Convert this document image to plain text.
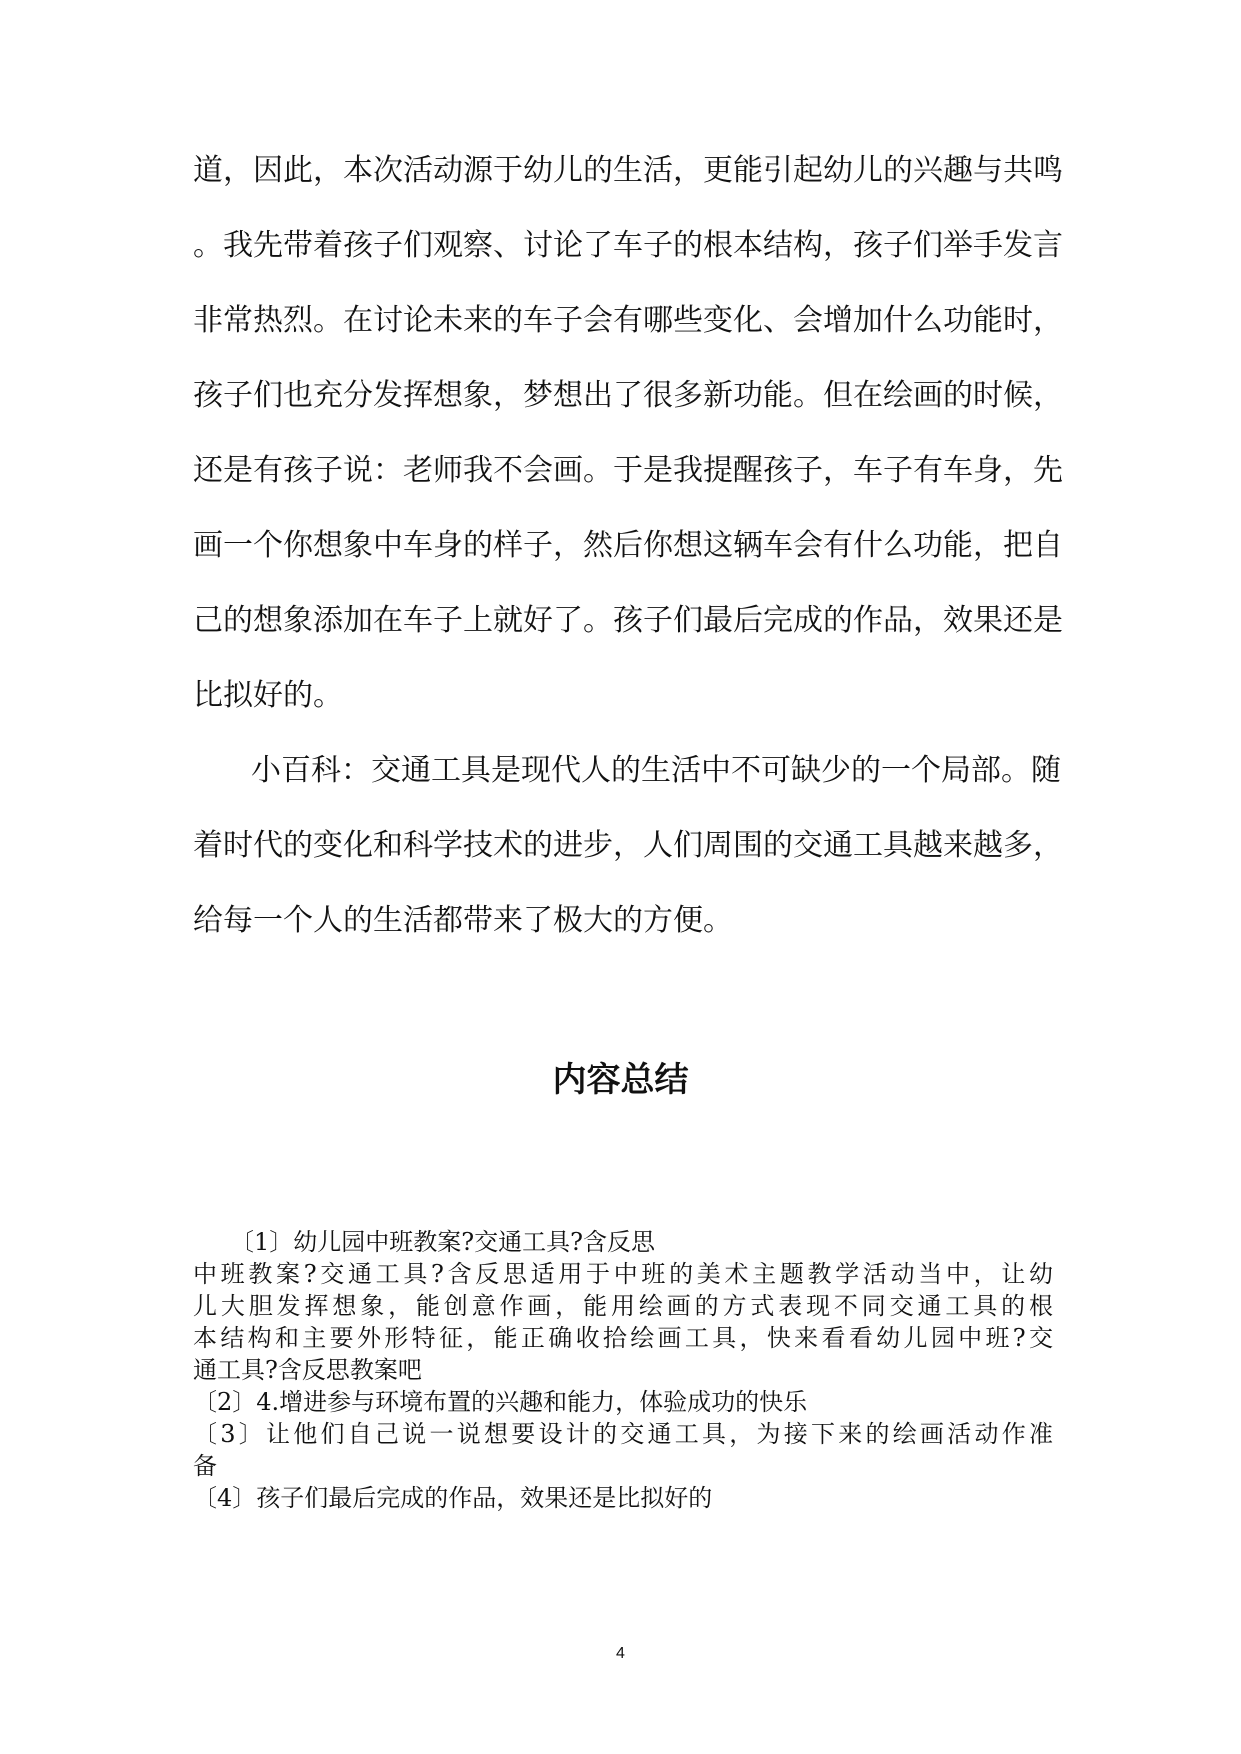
道，因此，本次活动源于幼儿的生活，更能引起幼儿的兴趣与共鸣
。我先带着孩子们观察、讨论了车子的根本结构，孩子们举手发言
非常热烈。在讨论未来的车子会有哪些变化、会增加什么功能时，
孩子们也充分发挥想象，梦想出了很多新功能。但在绘画的时候，
还是有孩子说：老师我不会画。于是我提醒孩子，车子有车身，先
画一个你想象中车身的样子，然后你想这辆车会有什么功能，把自
己的想象添加在车子上就好了。孩子们最后完成的作品，效果还是
比拟好的。
小百科：交通工具是现代人的生活中不可缺少的一个局部。随
着时代的变化和科学技术的进步，人们周围的交通工具越来越多，
给每一个人的生活都带来了极大的方便。
内容总结
〔1〕幼儿园中班教案?交通工具?含反思
中班教案?交通工具?含反思适用于中班的美术主题教学活动当中，让幼
儿大胆发挥想象，能创意作画，能用绘画的方式表现不同交通工具的根
本结构和主要外形特征，能正确收拾绘画工具，快来看看幼儿园中班?交
通工具?含反思教案吧
〔2〕4.增进参与环境布置的兴趣和能力，体验成功的快乐
〔3〕让他们自己说一说想要设计的交通工具，为接下来的绘画活动作准
备
〔4〕孩子们最后完成的作品，效果还是比拟好的
4
